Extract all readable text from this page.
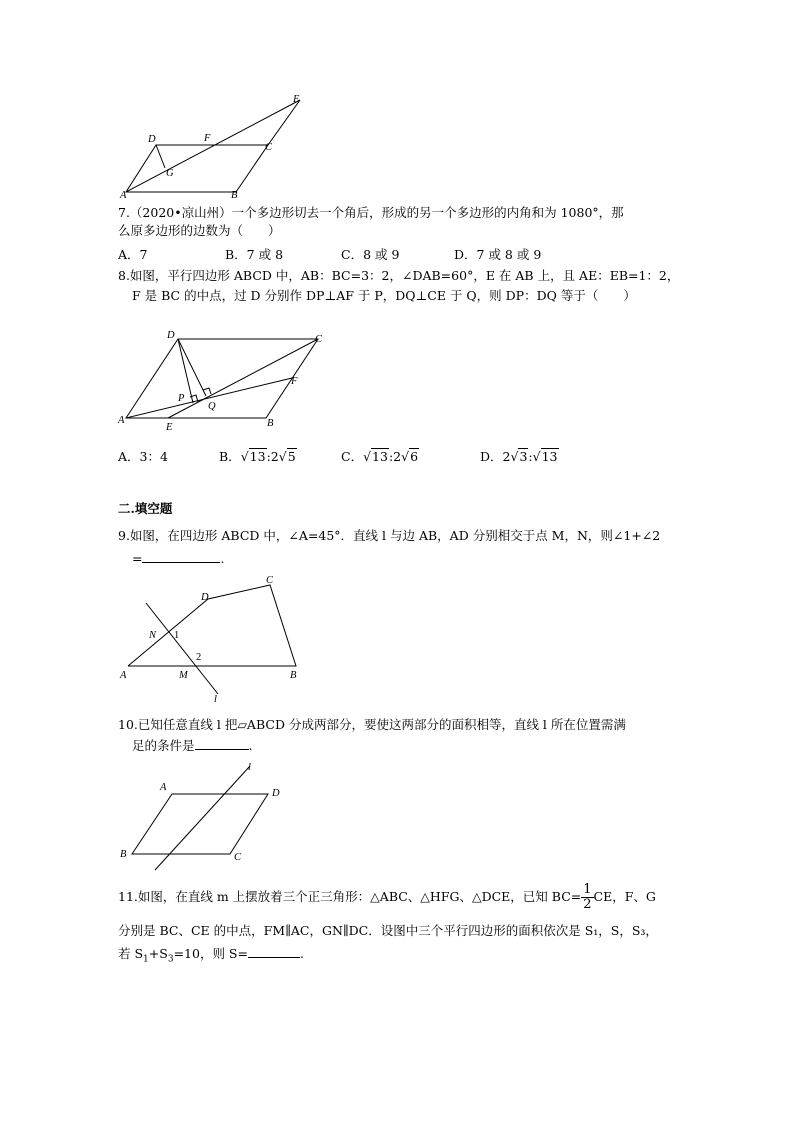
E
D	F
C
G
A	B
7.（2020•凉山州）一个多边形切去一个角后，形成的另一个多边形的内角和为 1080°，那
么原多边形的边数为（　　）
A．7	B．7 或 8	C．8 或 9	D．7 或 8 或 9
8.如图，平行四边形 ABCD 中，AB：BC=3：2，∠DAB=60°，E 在 AB 上，且 AE：EB=1：2，
F 是 BC 的中点，过 D 分别作 DP⊥AF 于 P，DQ⊥CE 于 Q，则 DP：DQ 等于（　　）
D	C
F
P
Q
A
E	B
A．3：4	B．√13:2√5	C．√13:2√6	D．2√3:√13
二.填空题
9.如图，在四边形 ABCD 中，∠A=45°．直线 l 与边 AB，AD 分别相交于点 M，N，则∠1+∠2
=	.
C
D
N 1
2
A	M	B
l
10.已知任意直线 l 把▱ABCD 分成两部分，要使这两部分的面积相等，直线 l 所在位置需满
足的条件是	.
l
A
D
B	C
11.如图，在直线 m 上摆放着三个正三角形：△ABC、△HFG、△DCE，已知 $BC= \frac{1}{2}$ CE，F、G
分别是 BC、CE 的中点，FM∥AC，GN∥DC．设图中三个平行四边形的面积依次是 S₁，S，S₃，
若 $S_1+S_3=10$，则 S=	.
